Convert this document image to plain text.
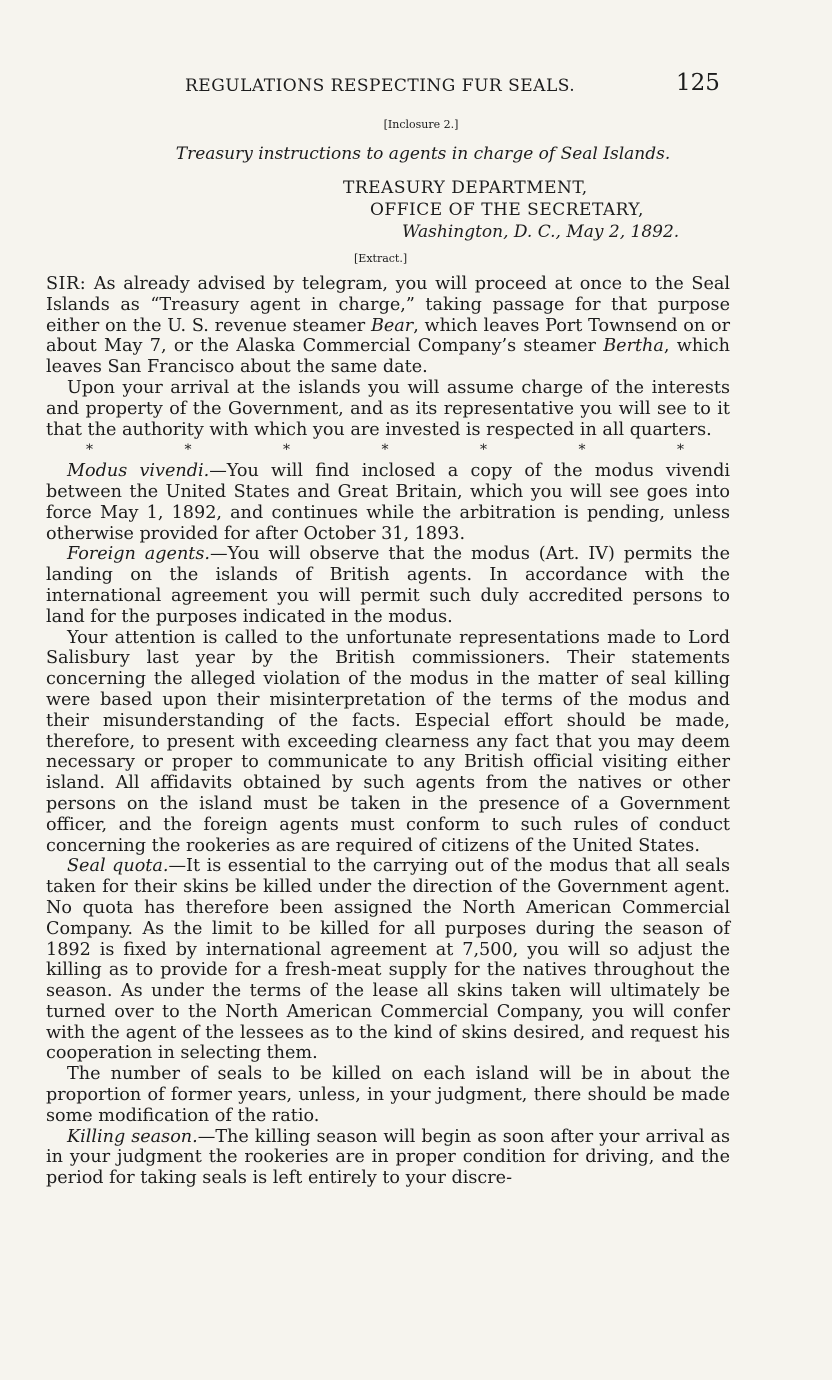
REGULATIONS RESPECTING FUR SEALS.	125
[Inclosure 2.]
Treasury instructions to agents in charge of Seal Islands.
TREASURY DEPARTMENT,
OFFICE OF THE SECRETARY,
Washington, D. C., May 2, 1892.
[Extract.]

SIR: As already advised by telegram, you will proceed at once to the Seal Islands as “Treasury agent in charge,” taking passage for that purpose either on the U. S. revenue steamer Bear, which leaves Port Townsend on or about May 7, or the Alaska Commercial Company’s steamer Bertha, which leaves San Francisco about the same date.

Upon your arrival at the islands you will assume charge of the interests and property of the Government, and as its representative you will see to it that the authority with which you are invested is respected in all quarters.

*	*	*	*	*	*	*

Modus vivendi.—You will find inclosed a copy of the modus vivendi between the United States and Great Britain, which you will see goes into force May 1, 1892, and continues while the arbitration is pending, unless otherwise provided for after October 31, 1893.

Foreign agents.—You will observe that the modus (Art. IV) permits the landing on the islands of British agents. In accordance with the international agreement you will permit such duly accredited persons to land for the purposes indicated in the modus.

Your attention is called to the unfortunate representations made to Lord Salisbury last year by the British commissioners. Their statements concerning the alleged violation of the modus in the matter of seal killing were based upon their misinterpretation of the terms of the modus and their misunderstanding of the facts. Especial effort should be made, therefore, to present with exceeding clearness any fact that you may deem necessary or proper to communicate to any British official visiting either island. All affidavits obtained by such agents from the natives or other persons on the island must be taken in the presence of a Government officer, and the foreign agents must conform to such rules of conduct concerning the rookeries as are required of citizens of the United States.

Seal quota.—It is essential to the carrying out of the modus that all seals taken for their skins be killed under the direction of the Government agent. No quota has therefore been assigned the North American Commercial Company. As the limit to be killed for all purposes during the season of 1892 is fixed by international agreement at 7,500, you will so adjust the killing as to provide for a fresh-meat supply for the natives throughout the season. As under the terms of the lease all skins taken will ultimately be turned over to the North American Commercial Company, you will confer with the agent of the lessees as to the kind of skins desired, and request his cooperation in selecting them.

The number of seals to be killed on each island will be in about the proportion of former years, unless, in your judgment, there should be made some modification of the ratio.

Killing season.—The killing season will begin as soon after your arrival as in your judgment the rookeries are in proper condition for driving, and the period for taking seals is left entirely to your discre-
